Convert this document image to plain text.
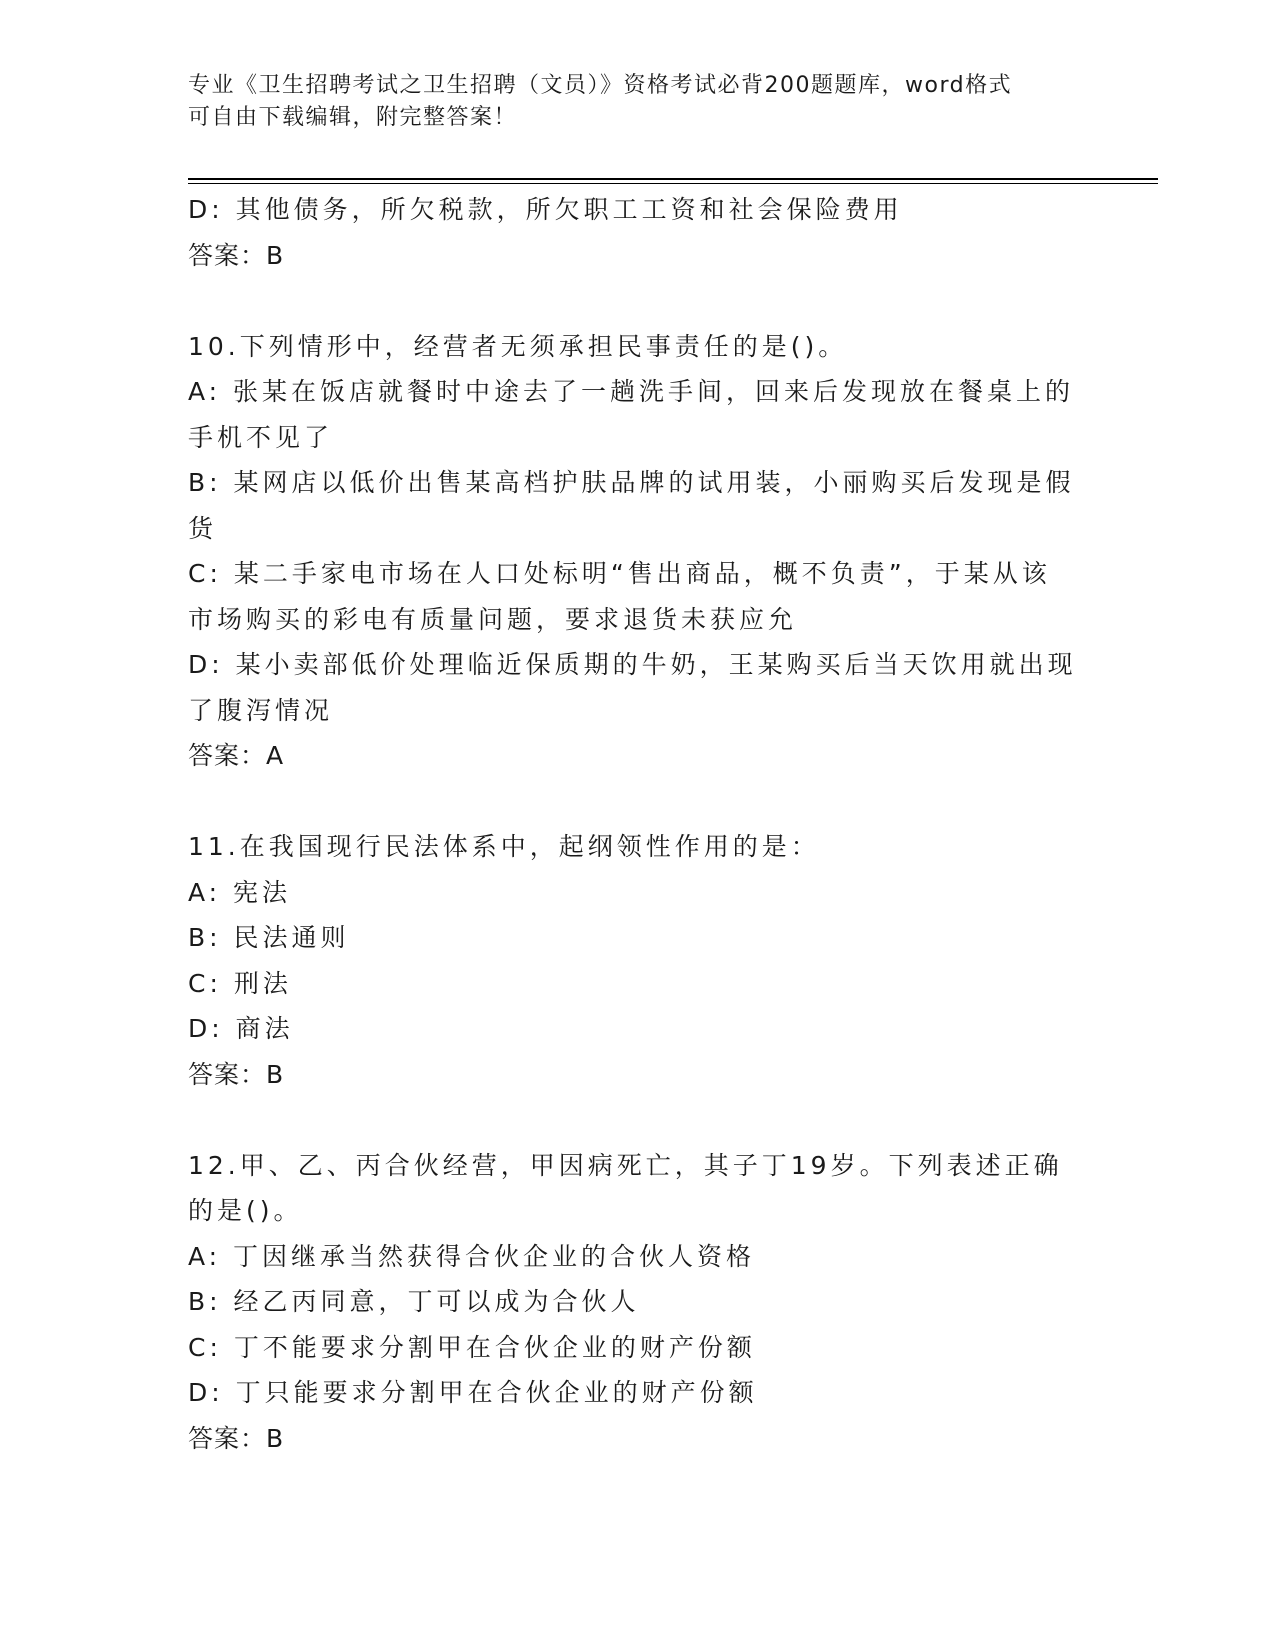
专业《卫生招聘考试之卫生招聘（文员）》资格考试必背200题题库，word格式
可自由下载编辑，附完整答案！
D: 其他债务，所欠税款，所欠职工工资和社会保险费用
答案：B
10.下列情形中，经营者无须承担民事责任的是()。
A: 张某在饭店就餐时中途去了一趟洗手间，回来后发现放在餐桌上的
手机不见了
B: 某网店以低价出售某高档护肤品牌的试用装，小丽购买后发现是假
货
C: 某二手家电市场在人口处标明“售出商品，概不负责”，于某从该
市场购买的彩电有质量问题，要求退货未获应允
D: 某小卖部低价处理临近保质期的牛奶，王某购买后当天饮用就出现
了腹泻情况
答案：A
11.在我国现行民法体系中，起纲领性作用的是：
A: 宪法
B: 民法通则
C: 刑法
D: 商法
答案：B
12.甲、乙、丙合伙经营，甲因病死亡，其子丁19岁。下列表述正确
的是()。
A: 丁因继承当然获得合伙企业的合伙人资格
B: 经乙丙同意，丁可以成为合伙人
C: 丁不能要求分割甲在合伙企业的财产份额
D: 丁只能要求分割甲在合伙企业的财产份额
答案：B
